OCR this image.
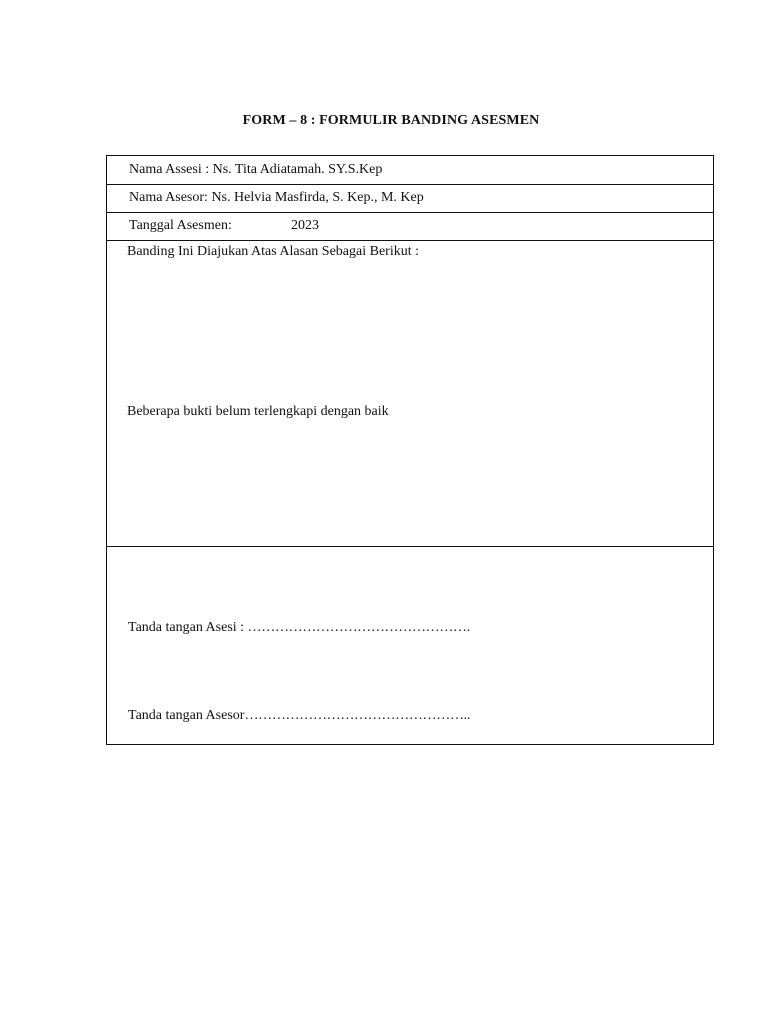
FORM – 8 : FORMULIR BANDING ASESMEN
Nama Assesi : Ns. Tita Adiatamah. SY.S.Kep
Nama Asesor: Ns. Helvia Masfirda, S. Kep., M. Kep
Tanggal Asesmen:	2023
Banding Ini Diajukan Atas Alasan Sebagai Berikut :
Beberapa bukti belum terlengkapi dengan baik
Tanda tangan Asesi : ………………………………………….
Tanda tangan Asesor…………………………………………..
